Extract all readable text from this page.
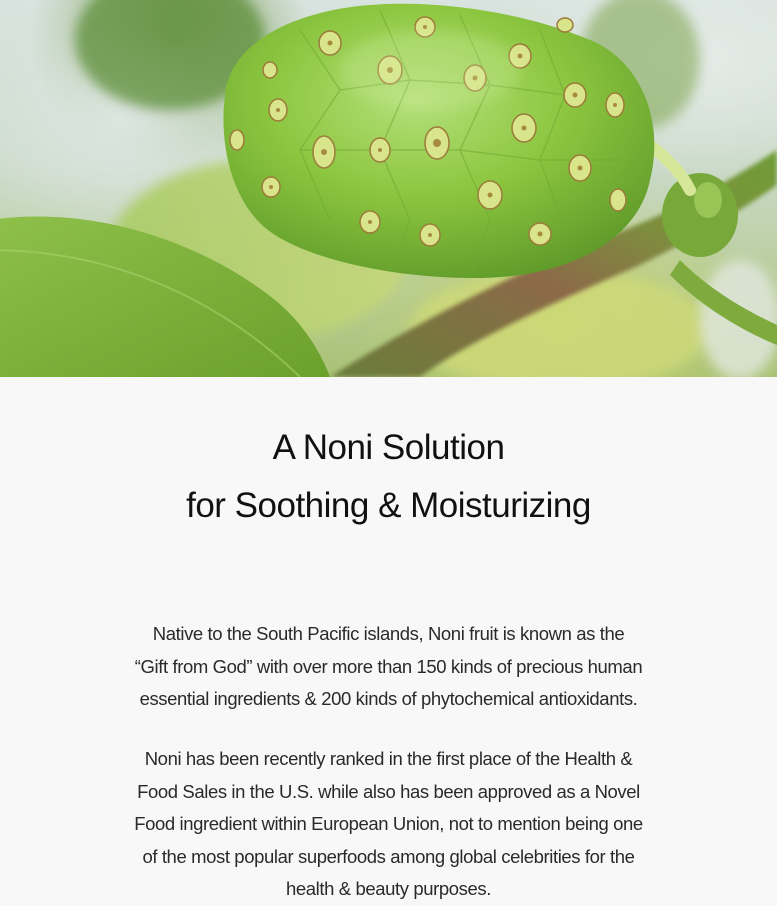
A Noni Solution
for Soothing & Moisturizing

Native to the South Pacific islands, Noni fruit is known as the
“Gift from God” with over more than 150 kinds of precious human
essential ingredients & 200 kinds of phytochemical antioxidants.

Noni has been recently ranked in the first place of the Health &
Food Sales in the U.S. while also has been approved as a Novel
Food ingredient within European Union, not to mention being one
of the most popular superfoods among global celebrities for the
health & beauty purposes.
